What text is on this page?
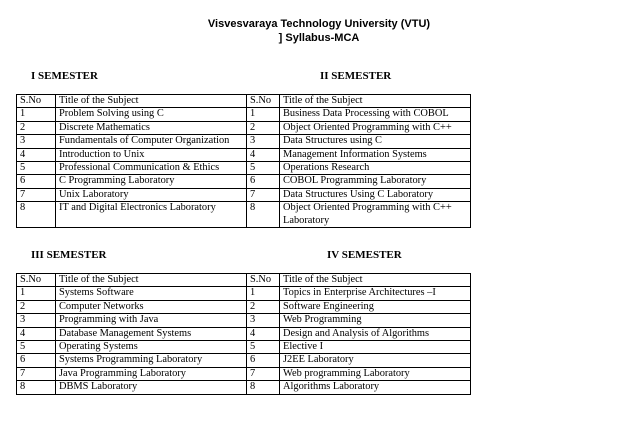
Visvesvaraya Technology University (VTU)
] Syllabus-MCA
I SEMESTER	II SEMESTER
S.No	Title of the Subject	S.No	Title of the Subject
1	Problem Solving using C	1	Business Data Processing with COBOL
2	Discrete Mathematics	2	Object Oriented Programming with C++
3	Fundamentals of Computer Organization	3	Data Structures using C
4	Introduction to Unix	4	Management Information Systems
5	Professional Communication & Ethics	5	Operations Research
6	C Programming Laboratory	6	COBOL Programming Laboratory
7	Unix Laboratory	7	Data Structures Using C Laboratory
8	IT and Digital Electronics Laboratory	8	Object Oriented Programming with C++ Laboratory
III SEMESTER	IV SEMESTER
S.No	Title of the Subject	S.No	Title of the Subject
1	Systems Software	1	Topics in Enterprise Architectures –I
2	Computer Networks	2	Software Engineering
3	Programming with Java	3	Web Programming
4	Database Management Systems	4	Design and Analysis of Algorithms
5	Operating Systems	5	Elective I
6	Systems Programming Laboratory	6	J2EE Laboratory
7	Java Programming Laboratory	7	Web programming Laboratory
8	DBMS Laboratory	8	Algorithms Laboratory
